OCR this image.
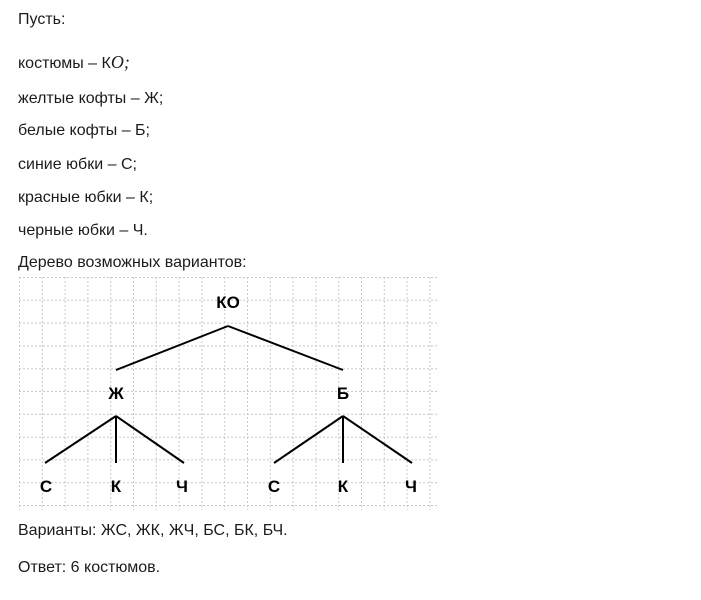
Пусть:
костюмы – КО;
желтые кофты – Ж;
белые кофты – Б;
синие юбки – С;
красные юбки – К;
черные юбки – Ч.
Дерево возможных вариантов:
КО
Ж	Б
С	К	Ч	С	К	Ч
Варианты: ЖС, ЖК, ЖЧ, БС, БК, БЧ.
Ответ: 6 костюмов.
